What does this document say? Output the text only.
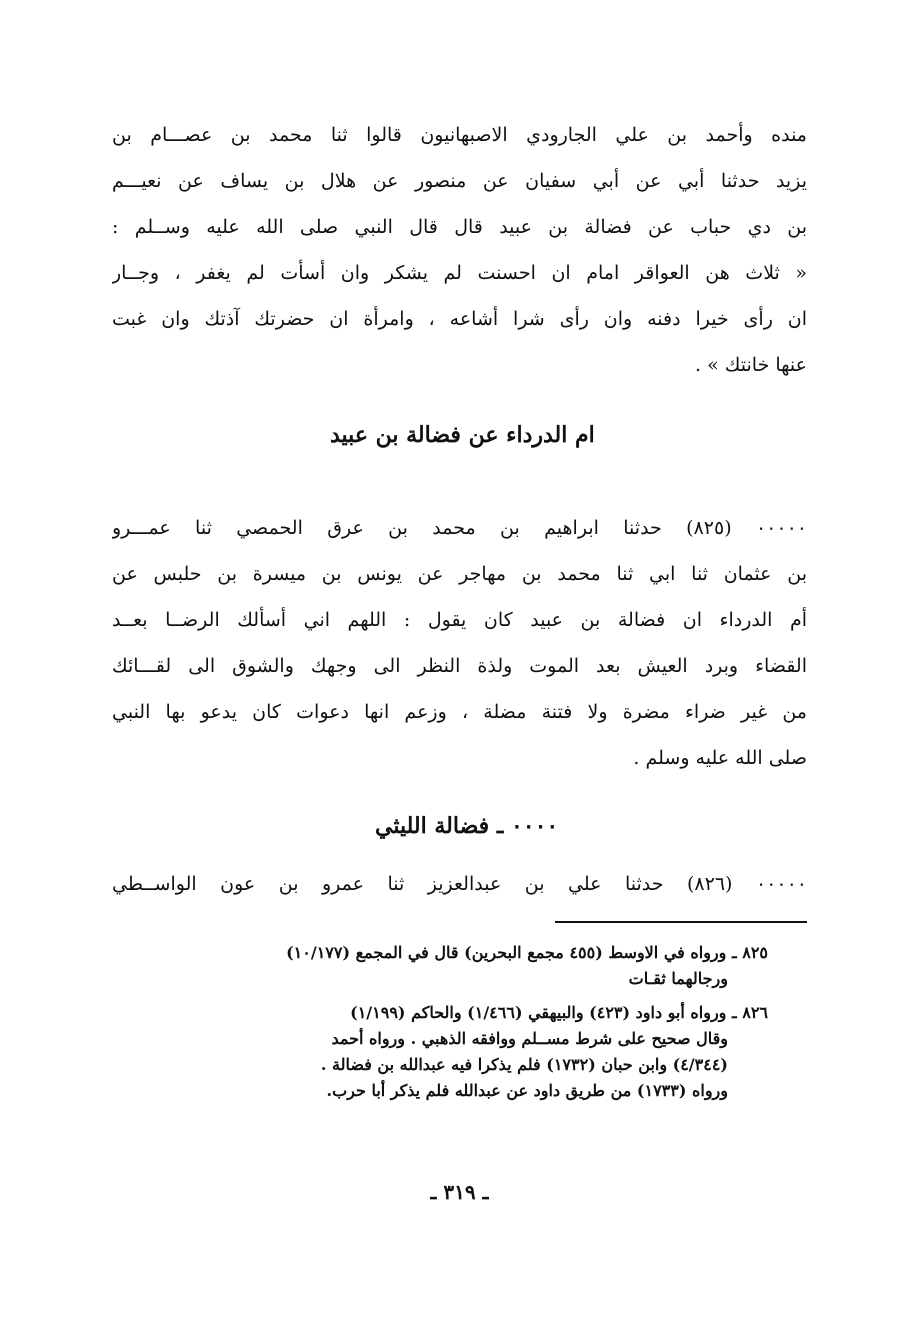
منده وأحمد بن علي الجارودي الاصبهانيون قالوا ثنا محمد بن عصـــام بن
يزيد حدثنا أبي عن أبي سفيان عن منصور عن هلال بن يساف عن نعيـــم
بن دي حباب عن فضالة بن عبيد قال قال النبي صلى الله عليه وســلم :
« ثلاث هن العواقر امام ان احسنت لم يشكر وان أسأت لم يغفر ، وجــار
ان رأى خيرا دفنه وان رأى شرا أشاعه ، وامرأة ان حضرتك آذتك وان غبت
عنها خانتك » .
ام الدرداء عن فضالة بن عبيد
٠٠٠٠٠ (٨٢٥) حدثنا ابراهيم بن محمد بن عرق الحمصي ثنا عمـــرو
بن عثمان ثنا ابي ثنا محمد بن مهاجر عن يونس بن ميسرة بن حلبس عن
أم الدرداء ان فضالة بن عبيد كان يقول : اللهم اني أسألك الرضــا بعــد
القضاء وبرد العيش بعد الموت ولذة النظر الى وجهك والشوق الى لقـــائك
من غير ضراء مضرة ولا فتنة مضلة ، وزعم انها دعوات كان يدعو بها النبي
صلى الله عليه وسلم .
٠٠٠٠ ـ فضالة الليثي
٠٠٠٠٠ (٨٢٦) حدثنا علي بن عبدالعزيز ثنا عمرو بن عون الواســطي
٨٢٥ ـ ورواه في الاوسط (٤٥٥ مجمع البحرين) قال في المجمع (١٠/١٧٧)
ورجالهما ثقـات
٨٢٦ ـ ورواه أبو داود (٤٢٣) والبيهقي (١/٤٦٦) والحاكم (١/١٩٩)
وقال صحيح على شرط مســلم ووافقه الذهبي . ورواه أحمد
(٤/٣٤٤) وابن حبان (١٧٣٢) فلم يذكرا فيه عبدالله بن فضالة .
ورواه (١٧٣٣) من طريق داود عن عبدالله فلم يذكر أبا حرب.
ـ ٣١٩ ـ
